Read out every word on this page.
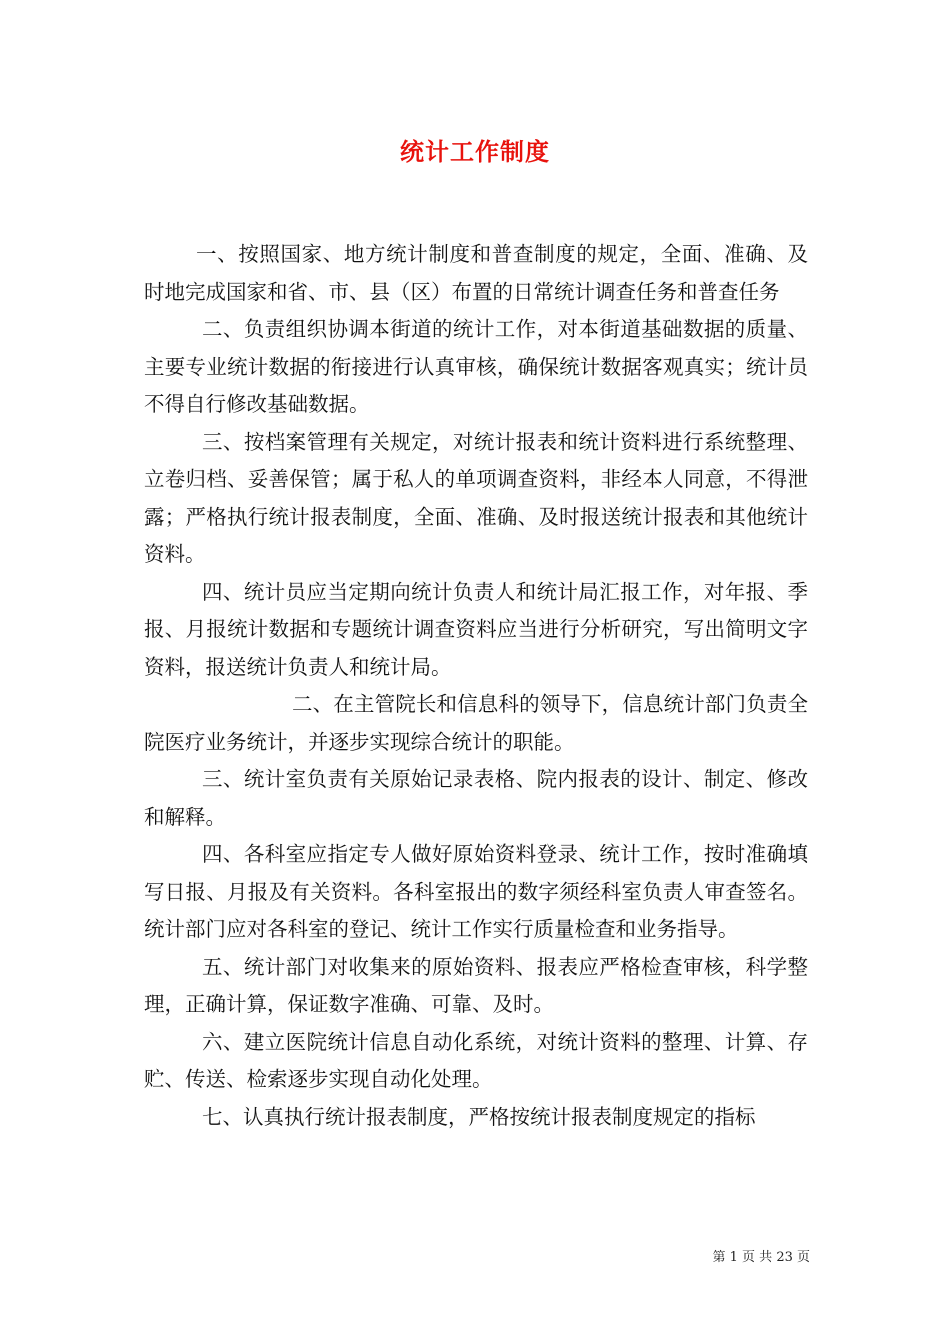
统计工作制度

一、按照国家、地方统计制度和普查制度的规定，全面、准确、及时地完成国家和省、市、县（区）布置的日常统计调查任务和普查任务

二、负责组织协调本街道的统计工作，对本街道基础数据的质量、主要专业统计数据的衔接进行认真审核，确保统计数据客观真实；统计员不得自行修改基础数据。

三、按档案管理有关规定，对统计报表和统计资料进行系统整理、立卷归档、妥善保管；属于私人的单项调查资料，非经本人同意，不得泄露；严格执行统计报表制度，全面、准确、及时报送统计报表和其他统计资料。

四、统计员应当定期向统计负责人和统计局汇报工作，对年报、季报、月报统计数据和专题统计调查资料应当进行分析研究，写出简明文字资料，报送统计负责人和统计局。

二、在主管院长和信息科的领导下，信息统计部门负责全院医疗业务统计，并逐步实现综合统计的职能。

三、统计室负责有关原始记录表格、院内报表的设计、制定、修改和解释。

四、各科室应指定专人做好原始资料登录、统计工作，按时准确填写日报、月报及有关资料。各科室报出的数字须经科室负责人审查签名。统计部门应对各科室的登记、统计工作实行质量检查和业务指导。

五、统计部门对收集来的原始资料、报表应严格检查审核，科学整理，正确计算，保证数字准确、可靠、及时。

六、建立医院统计信息自动化系统，对统计资料的整理、计算、存贮、传送、检索逐步实现自动化处理。

七、认真执行统计报表制度，严格按统计报表制度规定的指标

第 1 页 共 23 页
